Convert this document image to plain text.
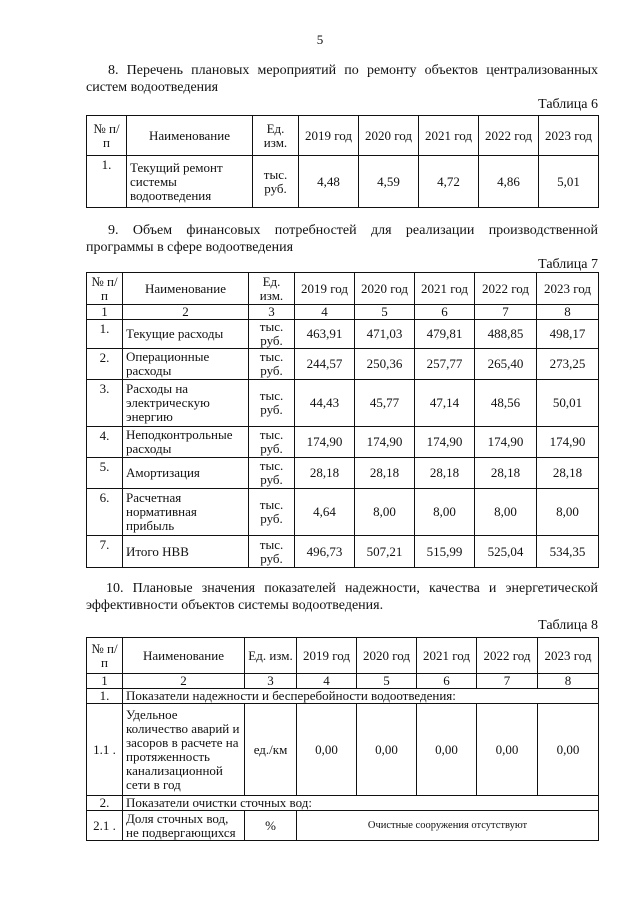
5
8. Перечень плановых мероприятий по ремонту объектов централизованных систем водоотведения
Таблица 6
№ п/п	Наименование	Ед. изм.	2019 год	2020 год	2021 год	2022 год	2023 год
1.	Текущий ремонт системы водоотведения	тыс. руб.	4,48	4,59	4,72	4,86	5,01
9. Объем финансовых потребностей для реализации производственной программы в сфере водоотведения
Таблица 7
№ п/п	Наименование	Ед. изм.	2019 год	2020 год	2021 год	2022 год	2023 год
1	2	3	4	5	6	7	8
1.	Текущие расходы	тыс. руб.	463,91	471,03	479,81	488,85	498,17
2.	Операционные расходы	тыс. руб.	244,57	250,36	257,77	265,40	273,25
3.	Расходы на электрическую энергию	тыс. руб.	44,43	45,77	47,14	48,56	50,01
4.	Неподконтрольные расходы	тыс. руб.	174,90	174,90	174,90	174,90	174,90
5.	Амортизация	тыс. руб.	28,18	28,18	28,18	28,18	28,18
6.	Расчетная нормативная прибыль	тыс. руб.	4,64	8,00	8,00	8,00	8,00
7.	Итого НВВ	тыс. руб.	496,73	507,21	515,99	525,04	534,35
10. Плановые значения показателей надежности, качества и энергетической эффективности объектов системы водоотведения.
Таблица 8
№ п/п	Наименование	Ед. изм.	2019 год	2020 год	2021 год	2022 год	2023 год
1	2	3	4	5	6	7	8
1.	Показатели надежности и бесперебойности водоотведения:						
1.1 .	Удельное количество аварий и засоров в расчете на протяженность канализационной сети в год	ед./км	0,00	0,00	0,00	0,00	0,00
2.	Показатели очистки сточных вод:						
2.1 .	Доля сточных вод, не подвергающихся	%	Очистные сооружения отсутствуют				
